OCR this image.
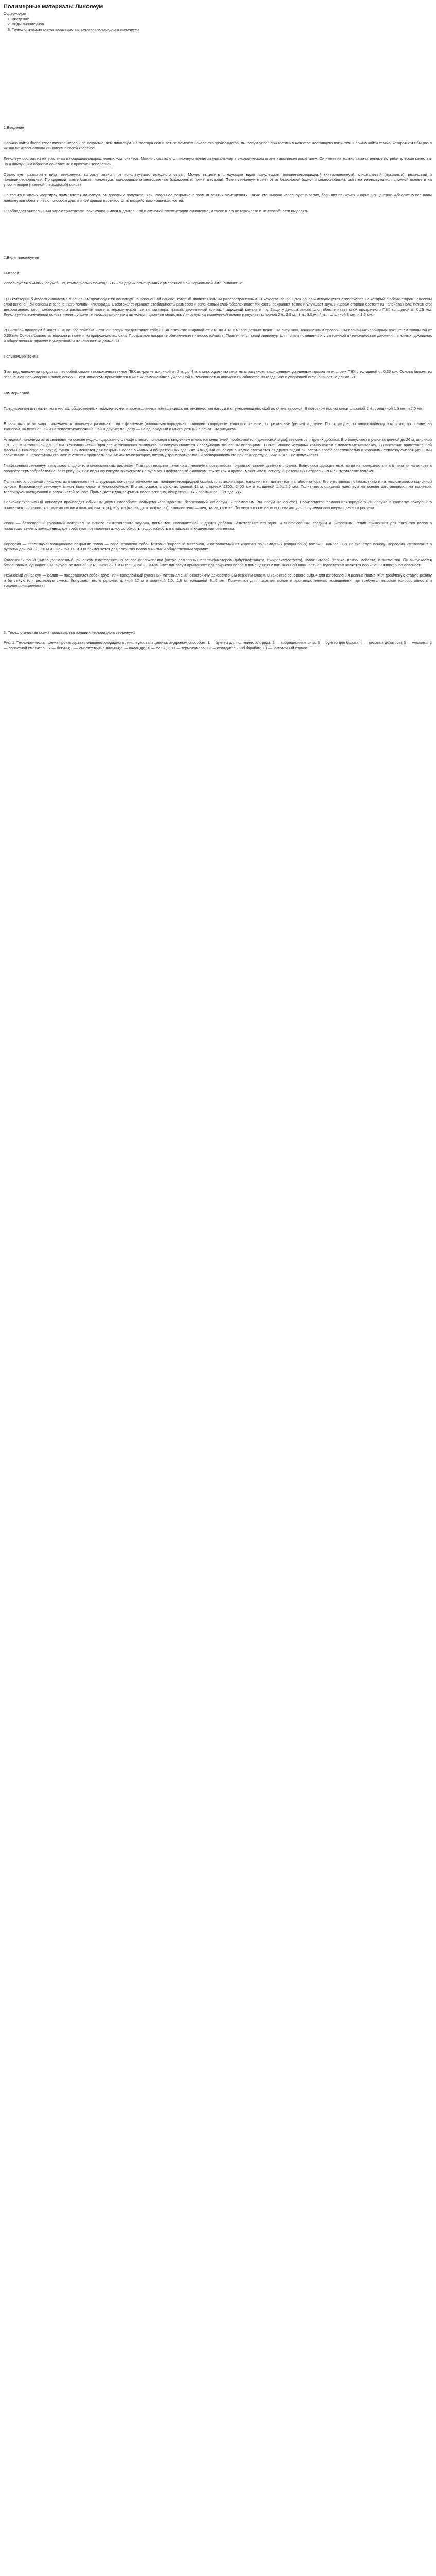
Полимерные материалы Линолеум

Содержание

1. Введение
2. Виды линолеумов
3. Технологическая схема производства поливинилхлоридного линолеума

1.Введение

Сложно найти более классическое напольное покрытие, чем линолеум. За полтора сотни лет от момента начала его производства, линолеум успел принестись в качестве настоящего покрытия. Сложно найти семью, которая хотя бы раз в жизни не использовала линолеум в своей квартире.

Линолеум состоит из натуральных и природоплодородленных компонентов. Можно сказать, что линолеум является уникальным в экологическом плане напольным покрытием. Он имеет не только замечательные потребительские качества, но и наилучшим образом сочетает их с приятной топологией.

Существует различные виды линолеума, которые зависят от используемого исходного сырья. Можно выделить следующие виды линолеумов, поливинилхлоридный (нитролинолеум), глифталевый (алкидный), резиновый и поливинилхлоридный. По царевой гамме бывает линолеумы однородные и многоцветные (мраморные, яркие, пестрые). Также линолеум может быть безосновой (одно- и многослойный), быть на теплозвукоизоляционной основе и на упрочняющей (тканной, персидской) основе.

Не только в жилых квартирах применяется линолеум, он довольно популярен как напольное покрытие в промышленных помещениях. Также его широко используют в залах, больших прихожих и офисных центрах. Абсолютно все виды линолеумов обеспечивают способы длительной кривой противостоять воздействию кошачьих когтей.

Он обладает уникальными характеристиками, заключающимися в длительной и активной эксплуатации линолеума, а также в его не горючести и не способности выделять.

2.Виды линолеумов

Бытовой.

Используется в жилых, служебных, коммерческих помещениях или других помещениях с умеренной или нормальной интенсивностью.

1) В категории бытового линолеума в основном производятся линолеум на вспененной основе, который является самым распространенным. В качестве основы для основы используется стеклохолст, на который с обеих сторон нанесены слои вспененной основы и вспененного поливинилхлорида. Стеклохолст придает стабильность размеров и вспененный слой обеспечивает мягкость, сохраняет тепло и улучшает звук. Лицевая сторона состоит из напечатанного, печатного, декоративного слоя, многоцветного расписанный паркета, керамической плитки, мрамора, гравий, деревянный плиток, природный камень и т.д. Защиту декоративного слоя обеспечивает слой прозрачного ПВХ толщиной от 0,15 мм. Линолеум на вспененной основе имеет лучшие теплоизоляционные и шумоизоляционные свойства. Линолеум на вспененной основе выпускает шириной 2м., 2,5 м., 3 м., 3,5 м., 4 м., толщиной 3 мм. и 1,5 мм.

2) Бытовой линолеум бывает и на основе войлока. Этот линолеум представляет собой ПВХ покрытие шириной от 2 м. до 4 м. с многоцветным печатным рисунком, защищенным прозрачным поливинилхлоридным покрытием толщиной от 0,30 мм. Основа бывает из волокна и ткани и из природного волокна. Прозрачное покрытие обеспечивает износостойкость. Применяется такой линолеум для пола в помещениях с умеренной интенсивностью движения, в жилых, домашних и общественных зданиях с умеренной интенсивностью движения.

Полукоммерческий.

Этот вид линолеума представляет собой самое высококачественное ПВХ покрытие шириной от 2 м. до 4 м. с многоцветным печатным рисунком, защищенным усиленным прозрачным слоем ПВХ с толщиной от 0,30 мм. Основа бывает из вспененной полихлорвиниловой основы. Этот линолеум применяется в жилых помещениях с умеренной интенсивностью движения и общественных зданиях с умеренной интенсивностью движения.

Коммерческий.

Предназначен для настилки в жилых, общественных, коммерческих и промышленных помещениях с интенсивностью нагрузки от умеренной высокой до очень высокой. В основном выпускается шириной 2 м., толщиной 1,5 мм. и 2,0 мм.

В зависимости от вида применяемого полимера различают гли - фталевые (поливинилхлоридные), поливинилхлоридные, коллоксилиновые, т.к. резиновые (релин) и другие. По структуре, по многослойному покрытию, по основе: на тканевой, на вспененной и на теплозвукоизоляционной и другие; по цвету — на однородный и многоцветный с печатным рисунком.

Алкидный линолеум изготавливают на основе модифицированного глифталевого полимера с введением в него наполнителей (пробковой или древесной муки), пигментов и других добавок. Его выпускают в рулонах длиной до 20 м, шириной 1,8…2,0 м и толщиной 2,5…3 мм. Технологический процесс изготовления алкидного линолеума сводится к следующим основным операциям: 1) смешивание исходных компонентов в лопастных мешалках, 2) нанесение приготовленной массы на тканевую основу; 3) сушка. Применяется для покрытия полов в жилых и общественных зданиях. Алкидный линолеум выгодно отличается от других видов линолеума своей эластичностью и хорошими теплозвукоизоляционными свойствами. К недостаткам его можно отнести хрупкость при низких температурах, поэтому транспортировать и разворачивать его при температуре ниже +10 °C не допускается.

Глифталевый линолеум выпускают с одно- или многоцветным рисунком. При производстве печатного линолеума поверхность покрывают слоем цветного рисунка. Выпускают одноцветным, когда на поверхность и в отпечатки на основе в процессе термообработки наносят рисунок. Все виды линолеума выпускаются в рулонах. Глифталевый линолеум, так же как и другие, может иметь основу из различных натуральных и синтетических волокон.

Поливинилхлоридный линолеум изготавливают из следующих основных компонентов: поливинилхлоридной смолы, пластификатора, наполнителя, пигментов и стабилизатора. Его изготовляют безосновным и на теплозвукоизоляционной основе. Безосновный линолеум может быть одно- и многослойным. Его выпускают в рулонах длиной 12 м, шириной 1200…2400 мм и толщиной 1,5…2,5 мм. Поливинилхлоридный линолеум на основе изготавливают на тканевой, теплозвукоизоляционной и волокнистой основе. Применяется для покрытия полов в жилых, общественных и промышленных зданиях.

Поливинилхлоридный линолеум производят обычным двумя способами: вальцево-каландровым (безосновный линолеум) и промазным (линолеум на основе). Производство поливинилхлоридного линолеума в качестве связующего применяют поливинилхлоридную смолу и пластификаторы (дибутилфталат, диоктилфталат), наполнители — мел, тальк, каолин. Пигменты в основном используют для получения линолеума цветного рисунка.

Релин — безосновный рулонный материал на основе синтетического каучука, пигментов, наполнителей и других добавок. Изготовляют его одно- и многослойным, гладким и рифленым. Релин применяют для покрытия полов в производственных помещениях, где требуется повышенная износостойкость, водостойкость и стойкость к химическим реагентам.

Ворсолин — теплозвукоизоляционное покрытие полов — ворс, ставлено собой матовый ворсовый материал, изготовляемый из коротких полиамидных (капроновых) волокон, наклеенных на тканевую основу. Ворсолин изготовляют в рулонах длиной 12…20 м и шириной 1,0 м. Он применяется для покрытия полов в жилых и общественных зданиях.

Коллоксилиновый (нитроцеллюлозный) линолеум изготовляют на основе коллоксилина (нитроцеллюлозы), пластификаторов (дибутилфталата, трикрезилфосфата), наполнителей (талька, пемзы, асбеста) и пигментов. Он выпускается безосновным, одноцветным, в рулонах длиной 12 м, шириной 1 м и толщиной 2…3 мм. Этот линолеум применяют для покрытия полов в помещениях с повышенной влажностью. Недостатком является повышенная пожарная опасность.

Резиновый линолеум — релин — представляет собой двух - или трехслойный рулонный материал с износостойким декоративным верхним слоем. В качестве основного сырья для изготовления релина применяют дробленую старую резину и битумную или резиновую смесь. Выпускают его в рулонах длиной 12 м и шириной 1,0…1,6 м, толщиной 3…6 мм. Применяют для покрытия полов в производственных помещениях, где требуется высокая износостойкость и водонепроницаемость.

3. Технологическая схема производства поливинилхлоридного линолеума

Рис. 1. Технологическая схема производства поливинилхлоридного линолеума вальцево-каландровым способом; 1 — бункер для поливинилхлорида; 2 — вибрационные сита; 3 — бункер для барита; 4 — весовые дозаторы; 5 — мешалки; 6 — лопастной смеситель; 7 — бегуны; 8 — смесительные вальцы; 9 — каландр; 10 — вальцы; 11 — термокамера; 12 — охладительный барабан; 13 — намоточный станок.
